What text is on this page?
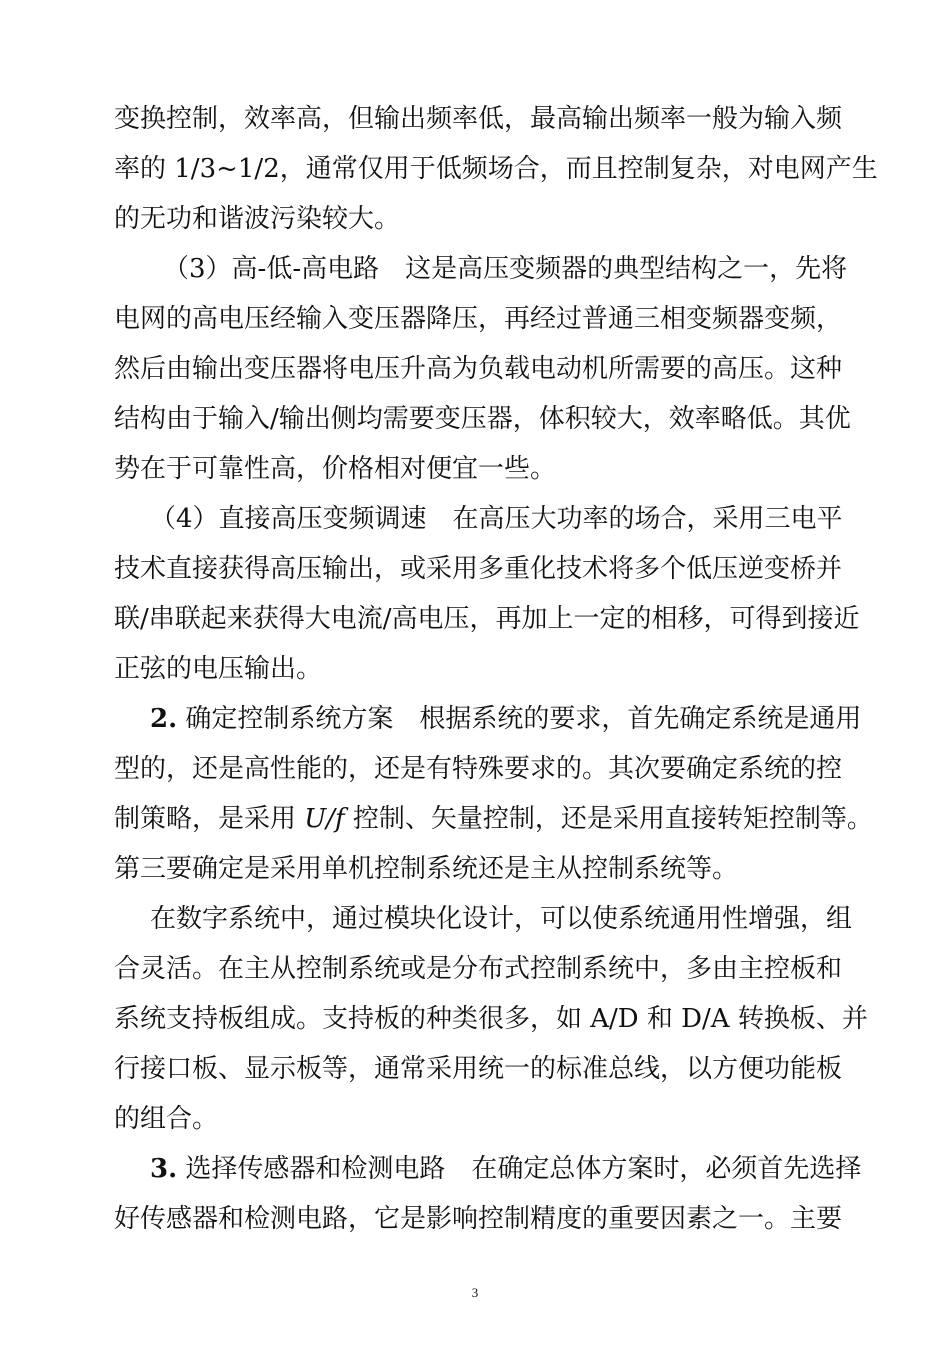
变换控制，效率高，但输出频率低，最高输出频率一般为输入频
率的 1/3~1/2，通常仅用于低频场合，而且控制复杂，对电网产生
的无功和谐波污染较大。
（3）高-低-高电路　这是高压变频器的典型结构之一，先将
电网的高电压经输入变压器降压，再经过普通三相变频器变频，
然后由输出变压器将电压升高为负载电动机所需要的高压。这种
结构由于输入/输出侧均需要变压器，体积较大，效率略低。其优
势在于可靠性高，价格相对便宜一些。
（4）直接高压变频调速　在高压大功率的场合，采用三电平
技术直接获得高压输出，或采用多重化技术将多个低压逆变桥并
联/串联起来获得大电流/高电压，再加上一定的相移，可得到接近
正弦的电压输出。
2. 确定控制系统方案　根据系统的要求，首先确定系统是通用
型的，还是高性能的，还是有特殊要求的。其次要确定系统的控
制策略，是采用 U/f 控制、矢量控制，还是采用直接转矩控制等。
第三要确定是采用单机控制系统还是主从控制系统等。
在数字系统中，通过模块化设计，可以使系统通用性增强，组
合灵活。在主从控制系统或是分布式控制系统中，多由主控板和
系统支持板组成。支持板的种类很多，如 A/D 和 D/A 转换板、并
行接口板、显示板等，通常采用统一的标准总线，以方便功能板
的组合。
3. 选择传感器和检测电路　在确定总体方案时，必须首先选择
好传感器和检测电路，它是影响控制精度的重要因素之一。主要
3
